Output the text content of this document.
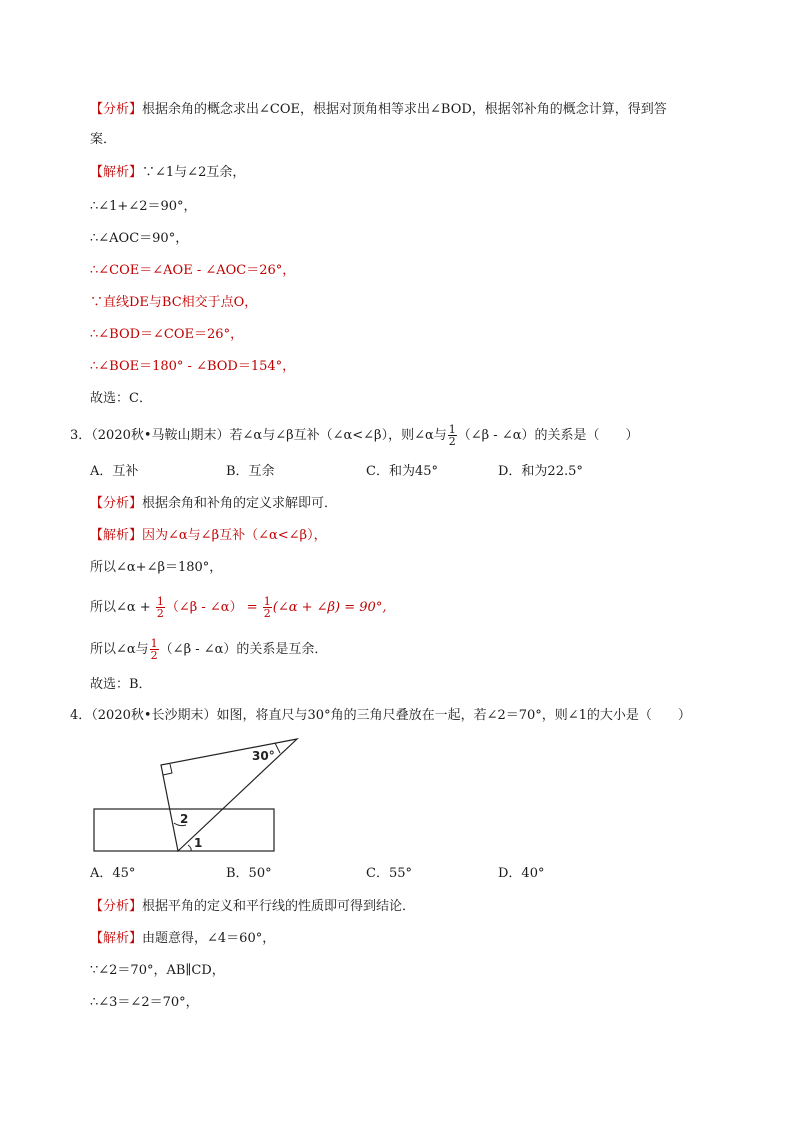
【分析】根据余角的概念求出∠COE，根据对顶角相等求出∠BOD，根据邻补角的概念计算，得到答
案．
【解析】∵∠1与∠2互余，
∴∠1+∠2＝90°，
∴∠AOC＝90°，
∴∠COE＝∠AOE - ∠AOC＝26°，
∵直线DE与BC相交于点O，
∴∠BOD＝∠COE＝26°，
∴∠BOE＝180° - ∠BOD＝154°，
故选：C．
3．（2020秋•马鞍山期末）若∠α与∠β互补（∠α<∠β），则∠α与 $\frac{1}{2}$ （∠β - ∠α）的关系是（　　）
A．互补	B．互余	C．和为45°	D．和为22.5°
【分析】根据余角和补角的定义求解即可．
【解析】因为∠α与∠β互补（∠α<∠β），
所以∠α+∠β＝180°，
所以∠α + $\frac{1}{2}$ （∠β - ∠α） = $\frac{1}{2}$ (∠α + ∠β) = 90°,
所以∠α与 $\frac{1}{2}$ （∠β - ∠α）的关系是互余．
故选：B．
4．（2020秋•长沙期末）如图，将直尺与30°角的三角尺叠放在一起，若∠2＝70°，则∠1的大小是（　　）
30°
2
1
A．45°	B．50°	C．55°	D．40°
【分析】根据平角的定义和平行线的性质即可得到结论．
【解析】由题意得，∠4＝60°，
∵∠2＝70°，AB∥CD，
∴∠3＝∠2＝70°，
